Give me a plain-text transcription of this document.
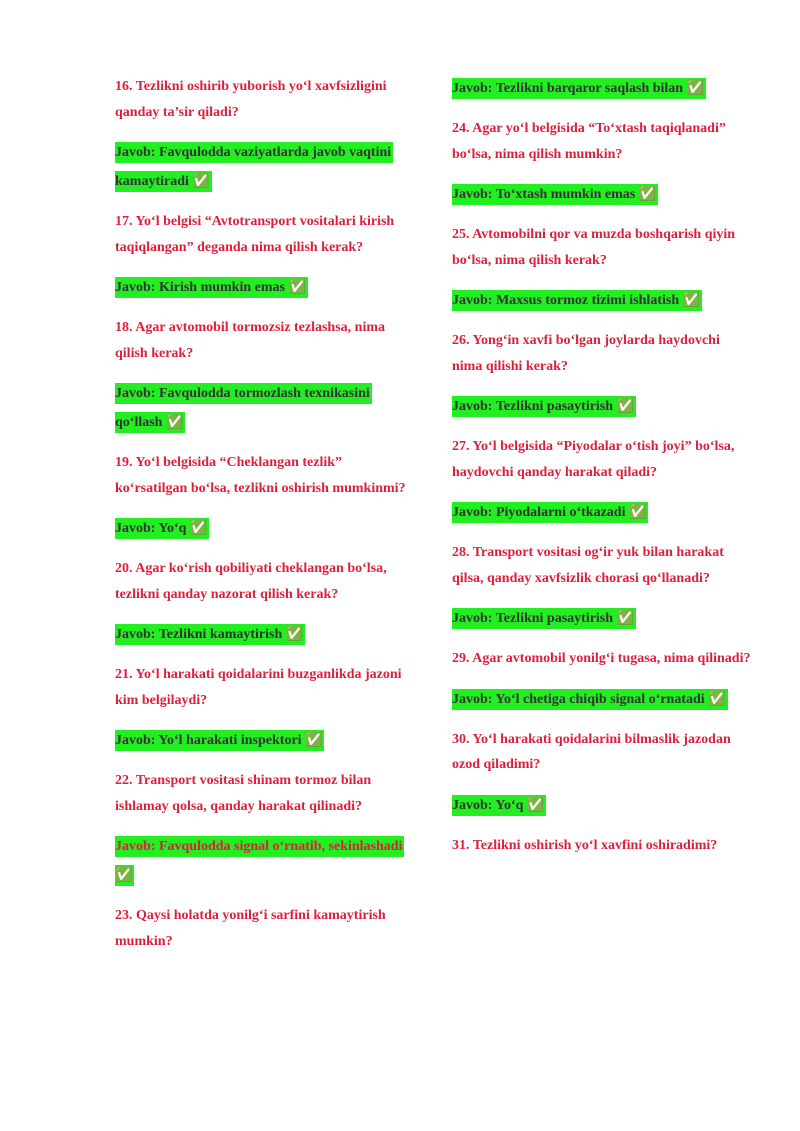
16. Tezlikni oshirib yuborish yo‘l xavfsizligini qanday ta’sir qiladi?

Javob: Favqulodda vaziyatlarda javob vaqtini kamaytiradi ✅

17. Yo‘l belgisi “Avtotransport vositalari kirish taqiqlangan” deganda nima qilish kerak?

Javob: Kirish mumkin emas ✅

18. Agar avtomobil tormozsiz tezlashsa, nima qilish kerak?

Javob: Favqulodda tormozlash texnikasini qo‘llash ✅

19. Yo‘l belgisida “Cheklangan tezlik” ko‘rsatilgan bo‘lsa, tezlikni oshirish mumkinmi?

Javob: Yo‘q ✅

20. Agar ko‘rish qobiliyati cheklangan bo‘lsa, tezlikni qanday nazorat qilish kerak?

Javob: Tezlikni kamaytirish ✅

21. Yo‘l harakati qoidalarini buzganlikda jazoni kim belgilaydi?

Javob: Yo‘l harakati inspektori ✅

22. Transport vositasi shinam tormoz bilan ishlamay qolsa, qanday harakat qilinadi?

Javob: Favqulodda signal o‘rnatib, sekinlashadi ✅

23. Qaysi holatda yonilg‘i sarfini kamaytirish mumkin?

Javob: Tezlikni barqaror saqlash bilan ✅

24. Agar yo‘l belgisida “To‘xtash taqiqlanadi” bo‘lsa, nima qilish mumkin?

Javob: To‘xtash mumkin emas ✅

25. Avtomobilni qor va muzda boshqarish qiyin bo‘lsa, nima qilish kerak?

Javob: Maxsus tormoz tizimi ishlatish ✅

26. Yong‘in xavfi bo‘lgan joylarda haydovchi nima qilishi kerak?

Javob: Tezlikni pasaytirish ✅

27. Yo‘l belgisida “Piyodalar o‘tish joyi” bo‘lsa, haydovchi qanday harakat qiladi?

Javob: Piyodalarni o‘tkazadi ✅

28. Transport vositasi og‘ir yuk bilan harakat qilsa, qanday xavfsizlik chorasi qo‘llanadi?

Javob: Tezlikni pasaytirish ✅

29. Agar avtomobil yonilg‘i tugasa, nima qilinadi?

Javob: Yo‘l chetiga chiqib signal o‘rnatadi ✅

30. Yo‘l harakati qoidalarini bilmaslik jazodan ozod qiladimi?

Javob: Yo‘q ✅

31. Tezlikni oshirish yo‘l xavfini oshiradimi?
